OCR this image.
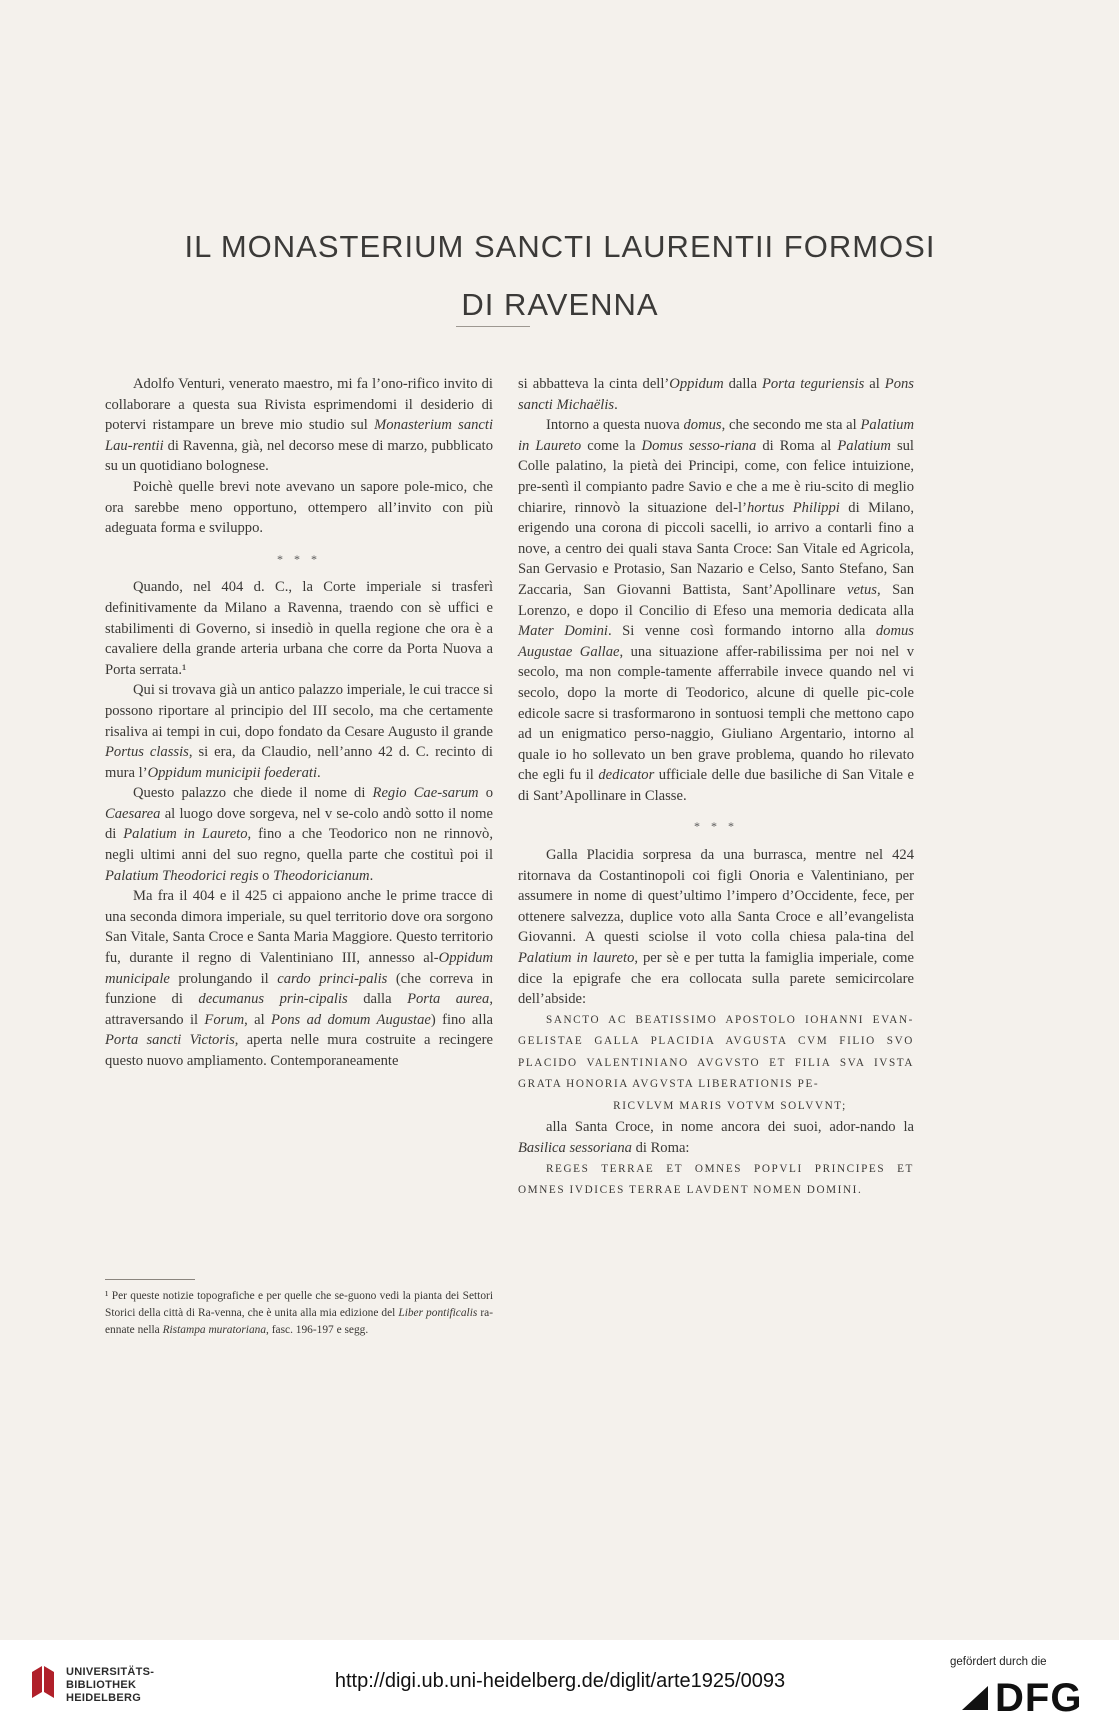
IL MONASTERIUM SANCTI LAURENTII FORMOSI
DI RAVENNA

Adolfo Venturi, venerato maestro, mi fa l’ono-rifico invito di collaborare a questa sua Rivista esprimendomi il desiderio di potervi ristampare un breve mio studio sul Monasterium sancti Lau-rentii di Ravenna, già, nel decorso mese di marzo, pubblicato su un quotidiano bolognese.

Poichè quelle brevi note avevano un sapore pole-mico, che ora sarebbe meno opportuno, ottempero all’invito con più adeguata forma e sviluppo.

* * *

Quando, nel 404 d. C., la Corte imperiale si trasferì definitivamente da Milano a Ravenna, traendo con sè uffici e stabilimenti di Governo, si insediò in quella regione che ora è a cavaliere della grande arteria urbana che corre da Porta Nuova a Porta serrata.¹

Qui si trovava già un antico palazzo imperiale, le cui tracce si possono riportare al principio del III secolo, ma che certamente risaliva ai tempi in cui, dopo fondato da Cesare Augusto il grande Portus classis, si era, da Claudio, nell’anno 42 d. C. recinto di mura l’Oppidum municipii foederati.

Questo palazzo che diede il nome di Regio Cae-sarum o Caesarea al luogo dove sorgeva, nel v se-colo andò sotto il nome di Palatium in Laureto, fino a che Teodorico non ne rinnovò, negli ultimi anni del suo regno, quella parte che costituì poi il Palatium Theodorici regis o Theodoricianum.

Ma fra il 404 e il 425 ci appaiono anche le prime tracce di una seconda dimora imperiale, su quel territorio dove ora sorgono San Vitale, Santa Croce e Santa Maria Maggiore. Questo territorio fu, durante il regno di Valentiniano III, annesso al-Oppidum municipale prolungando il cardo princi-palis (che correva in funzione di decumanus prin-cipalis dalla Porta aurea, attraversando il Forum, al Pons ad domum Augustae) fino alla Porta sancti Victoris, aperta nelle mura costruite a recingere questo nuovo ampliamento. Contemporaneamente

¹ Per queste notizie topografiche e per quelle che se-guono vedi la pianta dei Settori Storici della città di Ra-venna, che è unita alla mia edizione del Liber pontificalis ra-ennate nella Ristampa muratoriana, fasc. 196-197 e segg.

si abbatteva la cinta dell’Oppidum dalla Porta teguriensis al Pons sancti Michaëlis.

Intorno a questa nuova domus, che secondo me sta al Palatium in Laureto come la Domus sesso-riana di Roma al Palatium sul Colle palatino, la pietà dei Principi, come, con felice intuizione, pre-sentì il compianto padre Savio e che a me è riu-scito di meglio chiarire, rinnovò la situazione del-l’hortus Philippi di Milano, erigendo una corona di piccoli sacelli, io arrivo a contarli fino a nove, a centro dei quali stava Santa Croce: San Vitale ed Agricola, San Gervasio e Protasio, San Nazario e Celso, Santo Stefano, San Zaccaria, San Giovanni Battista, Sant’Apollinare vetus, San Lorenzo, e dopo il Concilio di Efeso una memoria dedicata alla Mater Domini. Si venne così formando intorno alla domus Augustae Gallae, una situazione affer-rabilissima per noi nel v secolo, ma non comple-tamente afferrabile invece quando nel vi secolo, dopo la morte di Teodorico, alcune di quelle pic-cole edicole sacre si trasformarono in sontuosi templi che mettono capo ad un enigmatico perso-naggio, Giuliano Argentario, intorno al quale io ho sollevato un ben grave problema, quando ho rilevato che egli fu il dedicator ufficiale delle due basiliche di San Vitale e di Sant’Apollinare in Classe.

* * *

Galla Placidia sorpresa da una burrasca, mentre nel 424 ritornava da Costantinopoli coi figli Onoria e Valentiniano, per assumere in nome di quest’ultimo l’impero d’Occidente, fece, per ottenere salvezza, duplice voto alla Santa Croce e all’evangelista Giovanni. A questi sciolse il voto colla chiesa pala-tina del Palatium in laureto, per sè e per tutta la famiglia imperiale, come dice la epigrafe che era collocata sulla parete semicircolare dell’abside:

SANCTO AC BEATISSIMO APOSTOLO IOHANNI EVAN-GELISTAE GALLA PLACIDIA AVGUSTA CVM FILIO SVO PLACIDO VALENTINIANO AVGVSTO ET FILIA SVA IVSTA GRATA HONORIA AVGVSTA LIBERATIONIS PE-
RICVLVM MARIS VOTVM SOLVVNT;

alla Santa Croce, in nome ancora dei suoi, ador-nando la Basilica sessoriana di Roma:

REGES TERRAE ET OMNES POPVLI PRINCIPES ET OMNES IVDICES TERRAE LAVDENT NOMEN DOMINI.

UNIVERSITÄTS-
BIBLIOTHEK
HEIDELBERG
http://digi.ub.uni-heidelberg.de/diglit/arte1925/0093
gefördert durch die
DFG
